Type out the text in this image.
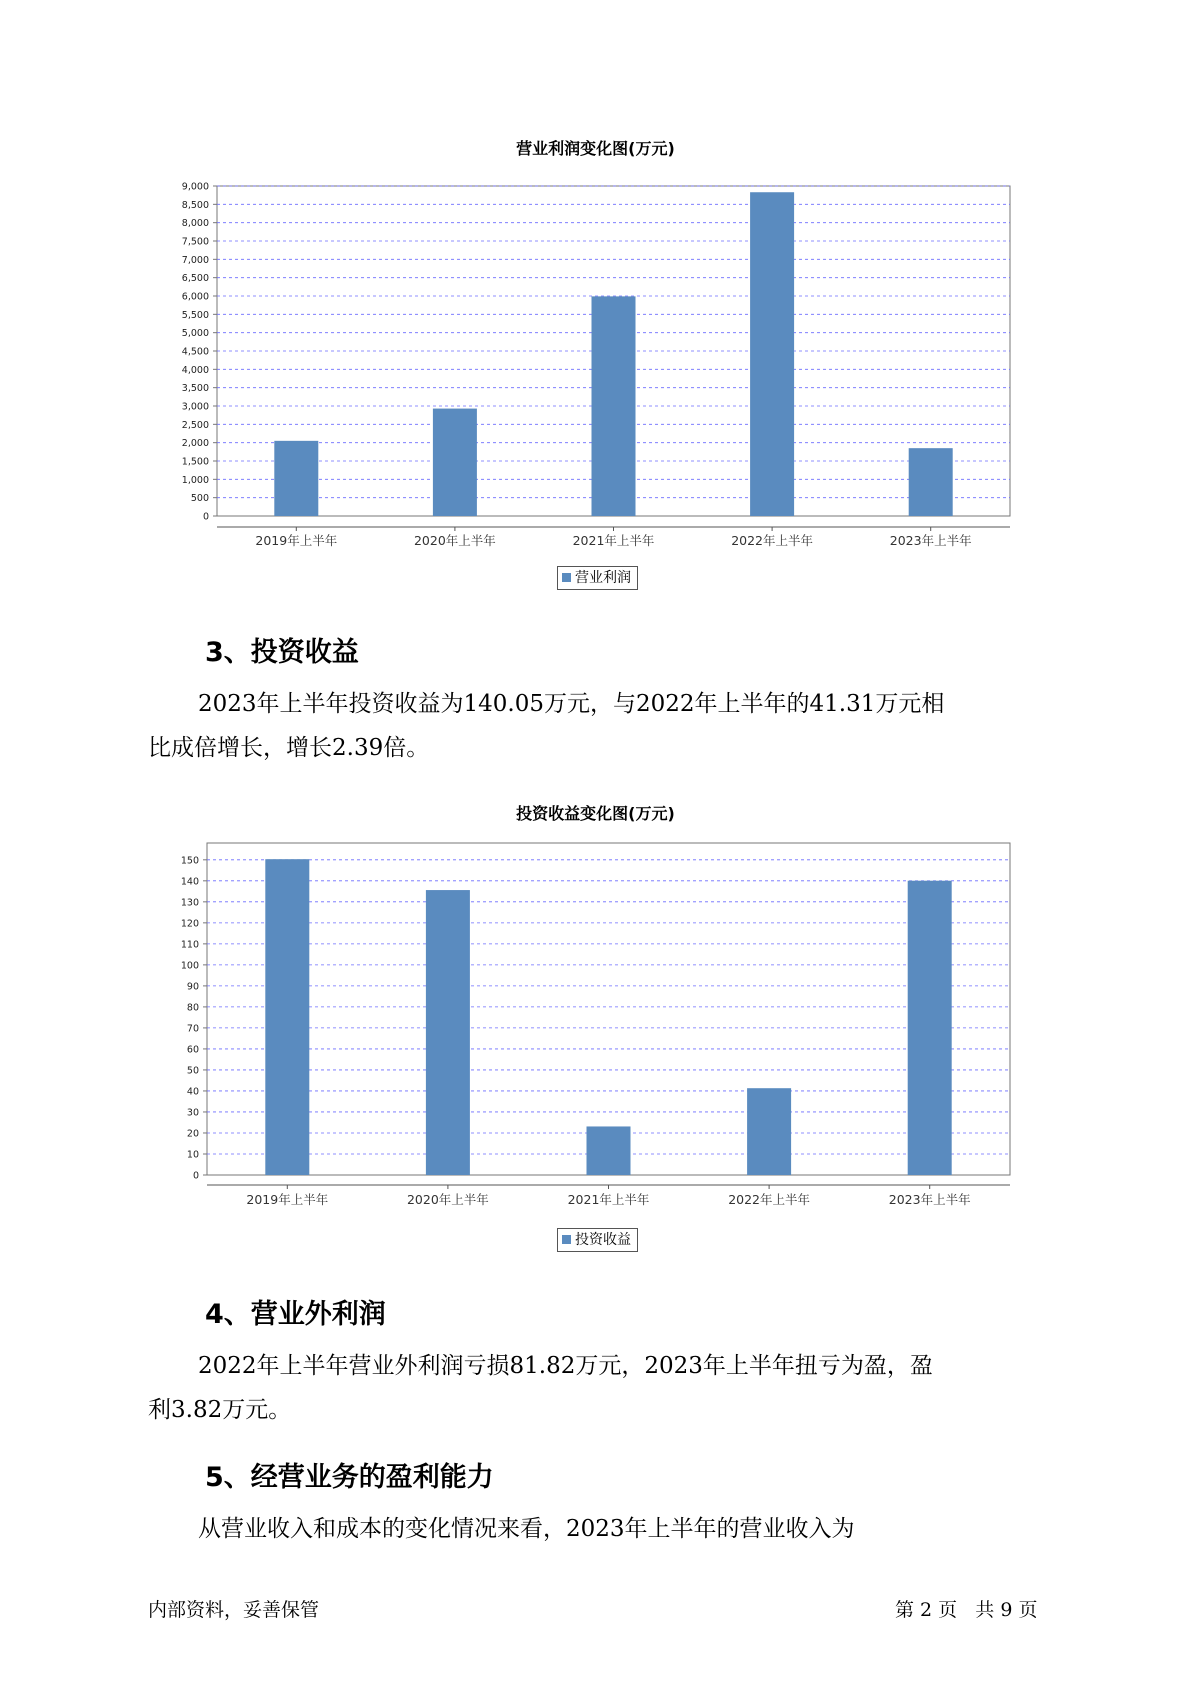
营业利润变化图(万元)
0
500
1,000
1,500
2,000
2,500
3,000
3,500
4,000
4,500
5,000
5,500
6,000
6,500
7,000
7,500
8,000
8,500
9,000
2019年上半年	2020年上半年	2021年上半年	2022年上半年	2023年上半年
营业利润
3、投资收益
2023年上半年投资收益为140.05万元，与2022年上半年的41.31万元相
比成倍增长，增长2.39倍。
投资收益变化图(万元)
0
10
20
30
40
50
60
70
80
90
100
110
120
130
140
150
2019年上半年	2020年上半年	2021年上半年	2022年上半年	2023年上半年
投资收益
4、营业外利润
2022年上半年营业外利润亏损81.82万元，2023年上半年扭亏为盈，盈
利3.82万元。
5、经营业务的盈利能力
从营业收入和成本的变化情况来看，2023年上半年的营业收入为
内部资料，妥善保管	第 2 页   共 9 页
